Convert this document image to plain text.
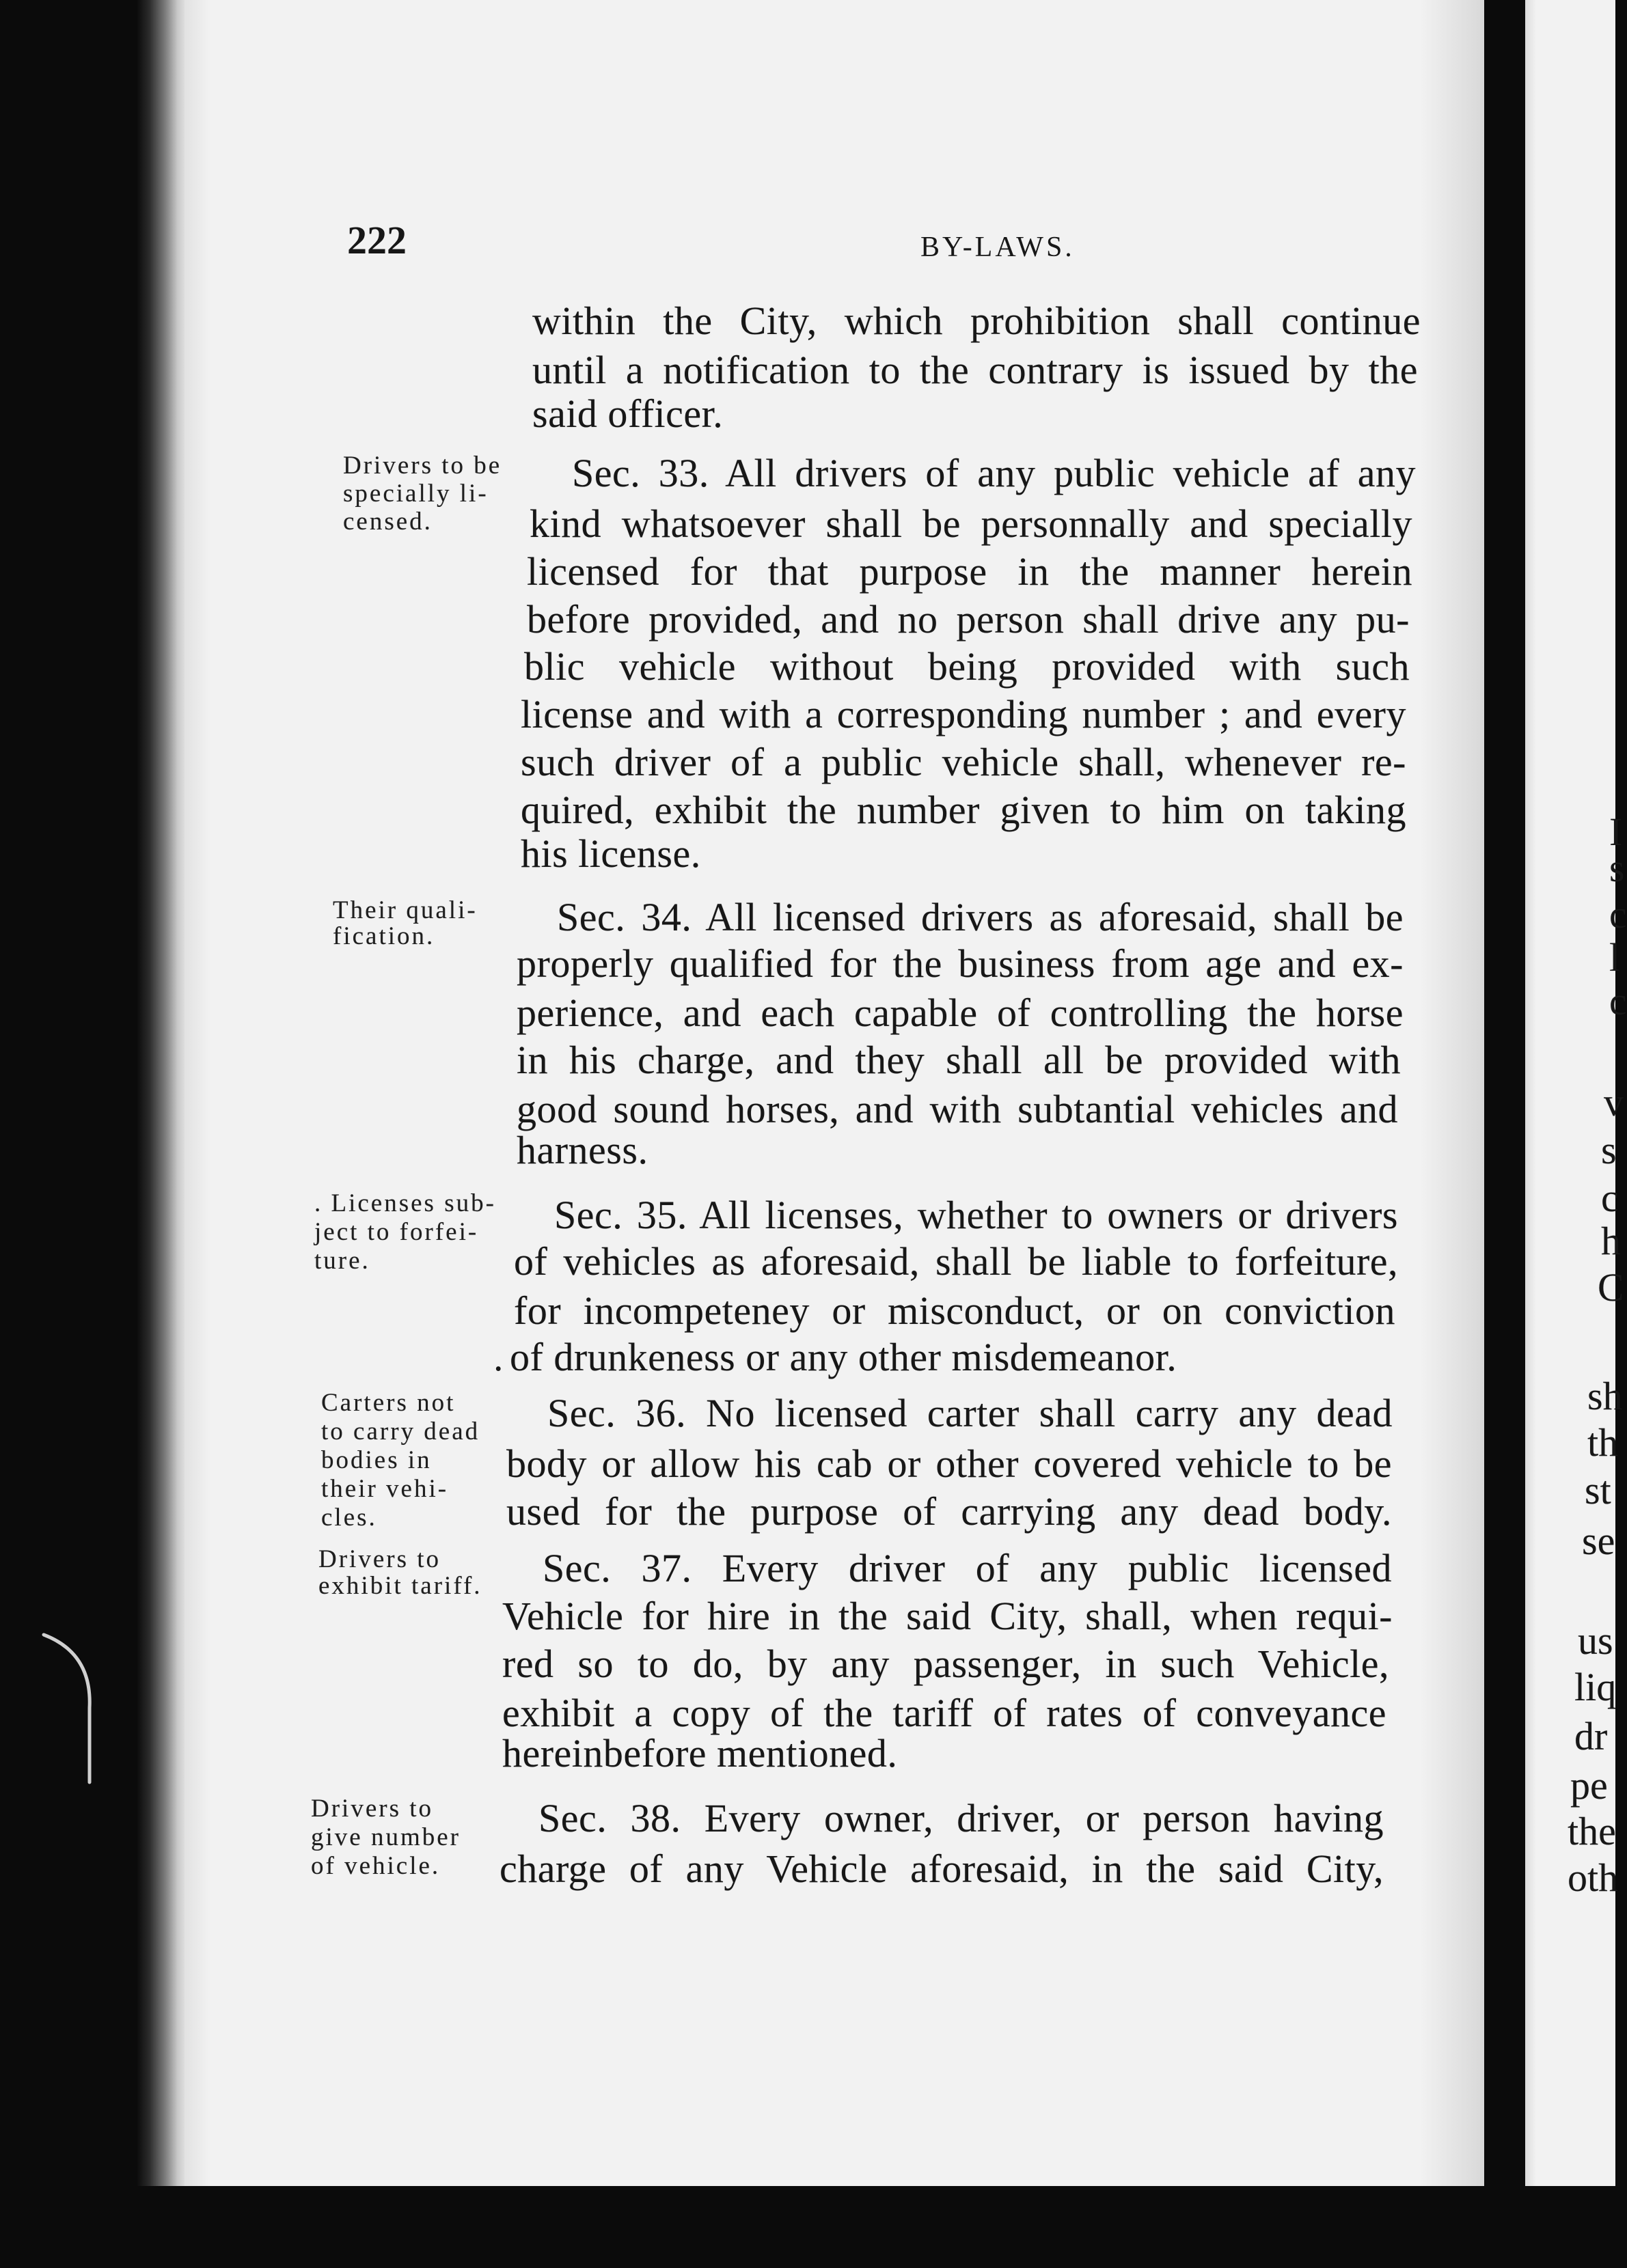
222	BY-LAWS.
within the City, which prohibition shall continue
until a notification to the contrary is issued by the
said officer.
Drivers to be
specially li-
censed.
Sec. 33. All drivers of any public vehicle af any
kind whatsoever shall be personnally and specially
licensed for that purpose in the manner herein
before provided, and no person shall drive any pu-
blic vehicle without being provided with such
license and with a corresponding number ; and every
such driver of a public vehicle shall, whenever re-
quired, exhibit the number given to him on taking
his license.
Their quali-
fication.	Sec. 34. All licensed drivers as aforesaid, shall be
properly qualified for the business from age and ex-
perience, and each capable of controlling the horse
in his charge, and they shall all be provided with
good sound horses, and with subtantial vehicles and
harness.
. Licenses sub-
ject to forfei-
ture.
Sec. 35. All licenses, whether to owners or drivers
of vehicles as aforesaid, shall be liable to forfeiture,
for incompeteney or misconduct, or on conviction
. of drunkeness or any other misdemeanor.
Carters not
to carry dead
bodies in
their vehi-
cles.
Sec. 36. No licensed carter shall carry any dead
body or allow his cab or other covered vehicle to be
used for the purpose of carrying any dead body.
Drivers to
exhibit tariff. Sec. 37. Every driver of any public licensed
Vehicle for hire in the said City, shall, when requi-
red so to do, by any passenger, in such Vehicle,
exhibit a copy of the tariff of rates of conveyance
hereinbefore mentioned.
Drivers to
give number
of vehicle.
Sec. 38. Every owner, driver, or person having
charge of any Vehicle aforesaid, in the said City,
I
s
c
l
c
v
s
c
h
C
sh
th
st
se
us
liq
dr
pe
the
oth
